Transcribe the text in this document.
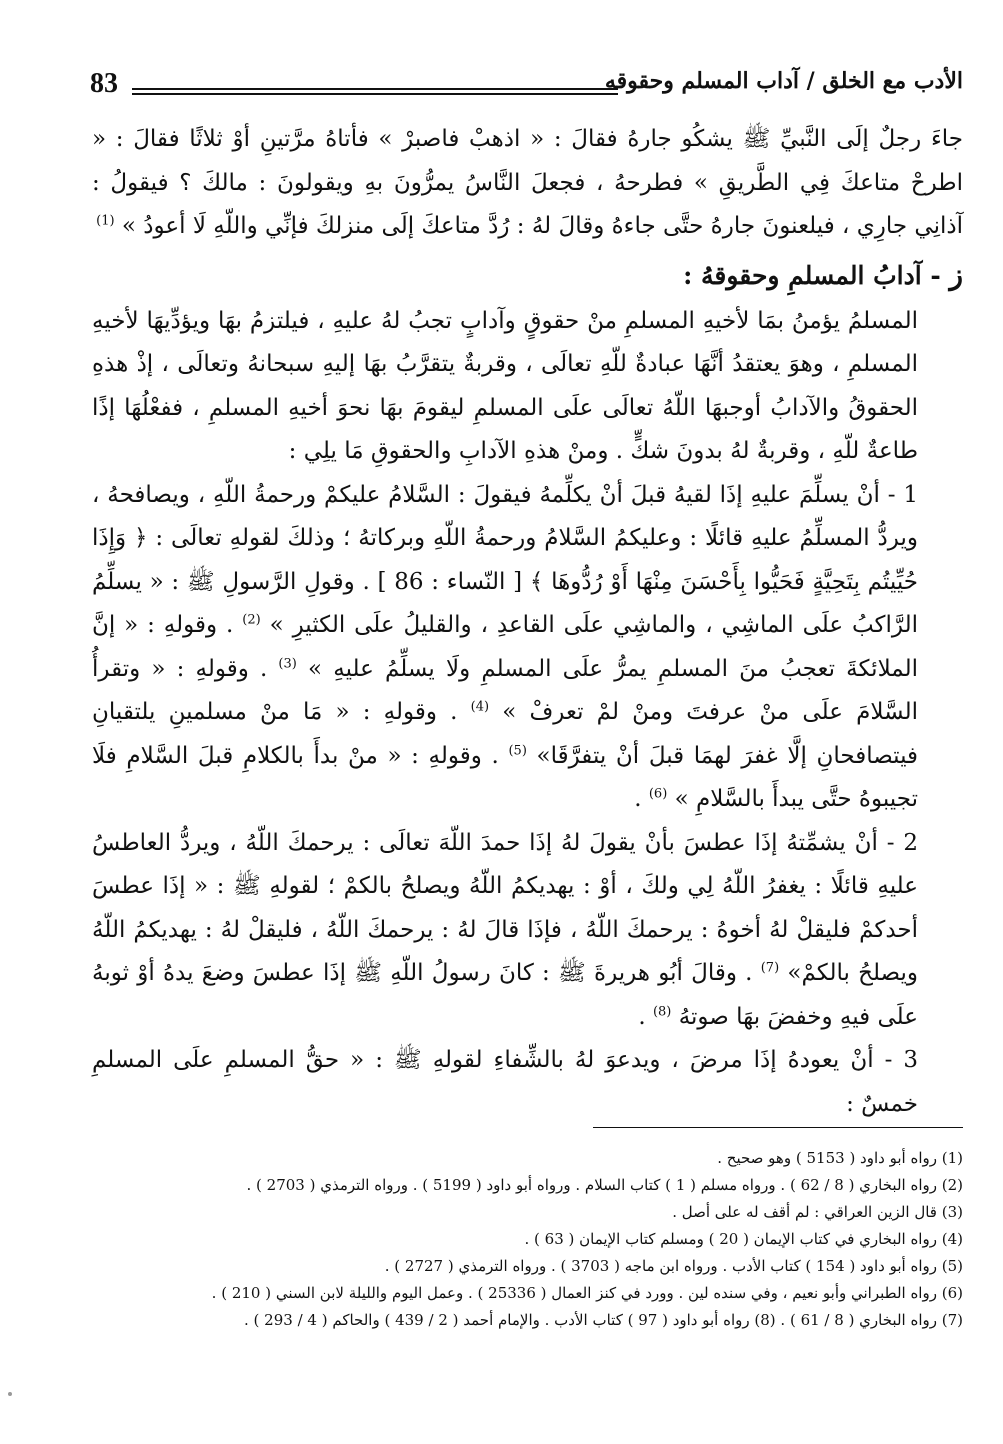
83	الأدب مع الخلق / آداب المسلم وحقوقه

جاءَ رجلٌ إلَى النَّبيِّ ﷺ يشكُو جارهُ فقالَ : « اذهبْ فاصبرْ » فأتاهُ مرَّتينِ أوْ ثلاثًا فقالَ : « اطرحْ متاعكَ فِي الطَّريقِ » فطرحهُ ، فجعلَ النَّاسُ يمرُّونَ بهِ ويقولونَ : مالكَ ؟ فيقولُ : آذانِي جارِي ، فيلعنونَ جارهُ حتَّى جاءهُ وقالَ لهُ : رُدَّ متاعكَ إلَى منزلكَ فإنِّي واللّهِ لَا أعودُ » $^{(1)}$

ز - آدابُ المسلمِ وحقوقهُ :

المسلمُ يؤمنُ بمَا لأخيهِ المسلمِ منْ حقوقٍ وآدابٍ تجبُ لهُ عليهِ ، فيلتزمُ بهَا ويؤدِّيهَا لأخيهِ المسلمِ ، وهوَ يعتقدُ أنَّهَا عبادةٌ للّهِ تعالَى ، وقربةٌ يتقرَّبُ بهَا إليهِ سبحانهُ وتعالَى ، إذْ هذهِ الحقوقُ والآدابُ أوجبهَا اللّهُ تعالَى علَى المسلمِ ليقومَ بهَا نحوَ أخيهِ المسلمِ ، ففعْلُهَا إذًا طاعةٌ للّهِ ، وقربةٌ لهُ بدونَ شكٍّ . ومنْ هذهِ الآدابِ والحقوقِ مَا يلِي :

1 - أنْ يسلِّمَ عليهِ إذَا لقيهُ قبلَ أنْ يكلِّمهُ فيقولَ : السَّلامُ عليكمْ ورحمةُ اللّهِ ، ويصافحهُ ، ويردُّ المسلِّمُ عليهِ قائلًا : وعليكمُ السَّلامُ ورحمةُ اللّهِ وبركاتهُ ؛ وذلكَ لقولهِ تعالَى : ﴿ وَإِذَا حُيِّيتُم بِتَحِيَّةٍ فَحَيُّوا بِأَحْسَنَ مِنْهَا أَوْ رُدُّوهَا ﴾ [ النّساء : 86 ] . وقولِ الرَّسولِ ﷺ : « يسلِّمُ الرَّاكبُ علَى الماشِي ، والماشِي علَى القاعدِ ، والقليلُ علَى الكثيرِ » $^{(2)}$ . وقولهِ : « إنَّ الملائكةَ تعجبُ منَ المسلمِ يمرُّ علَى المسلمِ ولَا يسلِّمُ عليهِ » $^{(3)}$ . وقولهِ : « وتقرأُ السَّلامَ علَى منْ عرفتَ ومنْ لمْ تعرفْ » $^{(4)}$ . وقولهِ : « مَا منْ مسلمينِ يلتقيانِ فيتصافحانِ إلَّا غفرَ لهمَا قبلَ أنْ يتفرَّقَا» $^{(5)}$ . وقولهِ : « منْ بدأَ بالكلامِ قبلَ السَّلامِ فلَا تجيبوهُ حتَّى يبدأَ بالسَّلامِ » $^{(6)}$ .

2 - أنْ يشمِّتهُ إذَا عطسَ بأنْ يقولَ لهُ إذَا حمدَ اللّهَ تعالَى : يرحمكَ اللّهُ ، ويردُّ العاطسُ عليهِ قائلًا : يغفرُ اللّهُ لِي ولكَ ، أوْ : يهديكمُ اللّهُ ويصلحُ بالكمْ ؛ لقولهِ ﷺ : « إذَا عطسَ أحدكمْ فليقلْ لهُ أخوهُ : يرحمكَ اللّهُ ، فإذَا قالَ لهُ : يرحمكَ اللّهُ ، فليقلْ لهُ : يهديكمُ اللّهُ ويصلحُ بالكمْ» $^{(7)}$ . وقالَ أبُو هريرةَ ﷺ : كانَ رسولُ اللّهِ ﷺ إذَا عطسَ وضعَ يدهُ أوْ ثوبهُ علَى فيهِ وخفضَ بهَا صوتهُ $^{(8)}$ .

3 - أنْ يعودهُ إذَا مرضَ ، ويدعوَ لهُ بالشِّفاءِ لقولهِ ﷺ : « حقُّ المسلمِ علَى المسلمِ خمسٌ :

(1) رواه أبو داود ( 5153 ) وهو صحيح .
(2) رواه البخاري ( 8 / 62 ) . ورواه مسلم ( 1 ) كتاب السلام . ورواه أبو داود ( 5199 ) . ورواه الترمذي ( 2703 ) .
(3) قال الزين العراقي : لم أقف له على أصل .
(4) رواه البخاري في كتاب الإيمان ( 20 ) ومسلم كتاب الإيمان ( 63 ) .
(5) رواه أبو داود ( 154 ) كتاب الأدب . ورواه ابن ماجه ( 3703 ) . ورواه الترمذي ( 2727 ) .
(6) رواه الطبراني وأبو نعيم ، وفي سنده لين . وورد في كنز العمال ( 25336 ) . وعمل اليوم والليلة لابن السني ( 210 ) .
(7) رواه البخاري ( 8 / 61 ) . (8) رواه أبو داود ( 97 ) كتاب الأدب . والإمام أحمد ( 2 / 439 ) والحاكم ( 4 / 293 ) .
